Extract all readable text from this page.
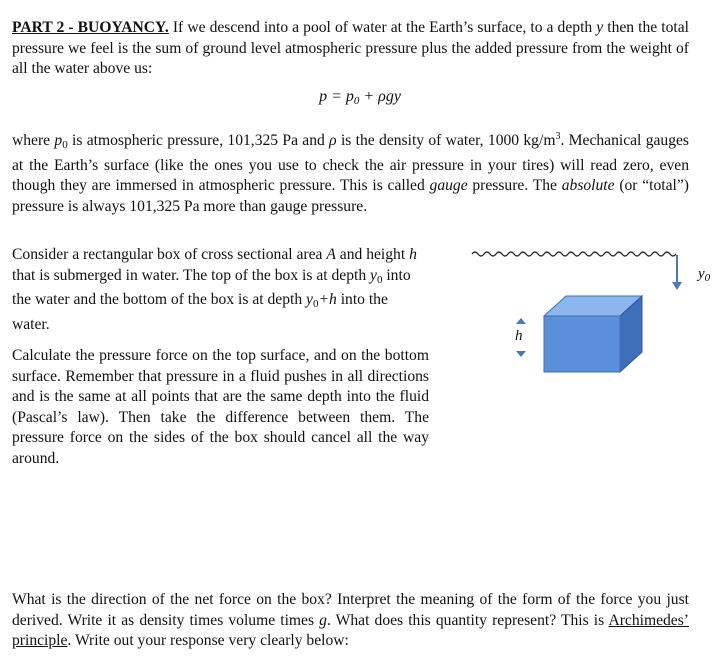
PART 2 - BUOYANCY. If we descend into a pool of water at the Earth’s surface, to a depth y then the total pressure we feel is the sum of ground level atmospheric pressure plus the added pressure from the weight of all the water above us:
$p = p_0 + \rho gy$
where $p_0$ is atmospheric pressure, 101,325 Pa and ρ is the density of water, 1000 $kg/m^3$. Mechanical gauges at the Earth’s surface (like the ones you use to check the air pressure in your tires) will read zero, even though they are immersed in atmospheric pressure. This is called gauge pressure. The absolute (or “total”) pressure is always 101,325 Pa more than gauge pressure.
Consider a rectangular box of cross sectional area A and height h that is submerged in water. The top of the box is at depth $y_0$ into the water and the bottom of the box is at depth $y_0+h$ into the water.
Calculate the pressure force on the top surface, and on the bottom surface. Remember that pressure in a fluid pushes in all directions and is the same at all points that are the same depth into the fluid (Pascal’s law). Then take the difference between them. The pressure force on the sides of the box should cancel all the way around.
$y_0$
h
What is the direction of the net force on the box? Interpret the meaning of the form of the force you just derived. Write it as density times volume times g. What does this quantity represent? This is Archimedes’ principle. Write out your response very clearly below:
